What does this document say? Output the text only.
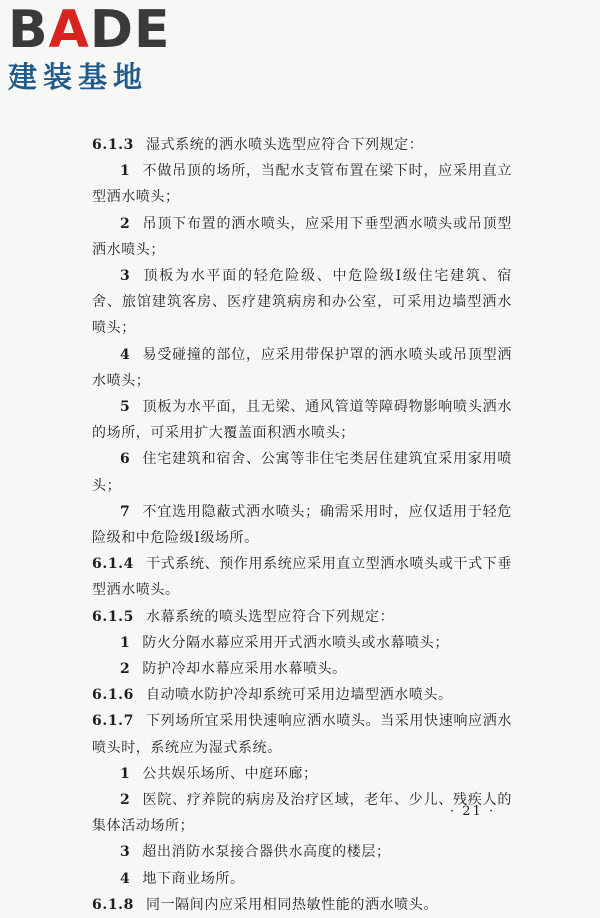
BADE
建装基地
6.1.3 湿式系统的洒水喷头选型应符合下列规定：
1 不做吊顶的场所，当配水支管布置在梁下时，应采用直立型洒水喷头；
2 吊顶下布置的洒水喷头，应采用下垂型洒水喷头或吊顶型洒水喷头；
3 顶板为水平面的轻危险级、中危险级Ⅰ级住宅建筑、宿舍、旅馆建筑客房、医疗建筑病房和办公室，可采用边墙型洒水喷头；
4 易受碰撞的部位，应采用带保护罩的洒水喷头或吊顶型洒水喷头；
5 顶板为水平面，且无梁、通风管道等障碍物影响喷头洒水的场所，可采用扩大覆盖面积洒水喷头；
6 住宅建筑和宿舍、公寓等非住宅类居住建筑宜采用家用喷头；
7 不宜选用隐蔽式洒水喷头；确需采用时，应仅适用于轻危险级和中危险级Ⅰ级场所。
6.1.4 干式系统、预作用系统应采用直立型洒水喷头或干式下垂型洒水喷头。
6.1.5 水幕系统的喷头选型应符合下列规定：
1 防火分隔水幕应采用开式洒水喷头或水幕喷头；
2 防护冷却水幕应采用水幕喷头。
6.1.6 自动喷水防护冷却系统可采用边墙型洒水喷头。
6.1.7 下列场所宜采用快速响应洒水喷头。当采用快速响应洒水喷头时，系统应为湿式系统。
1 公共娱乐场所、中庭环廊；
2 医院、疗养院的病房及治疗区域，老年、少儿、残疾人的集体活动场所；
3 超出消防水泵接合器供水高度的楼层；
4 地下商业场所。
6.1.8 同一隔间内应采用相同热敏性能的洒水喷头。
· 21 ·
